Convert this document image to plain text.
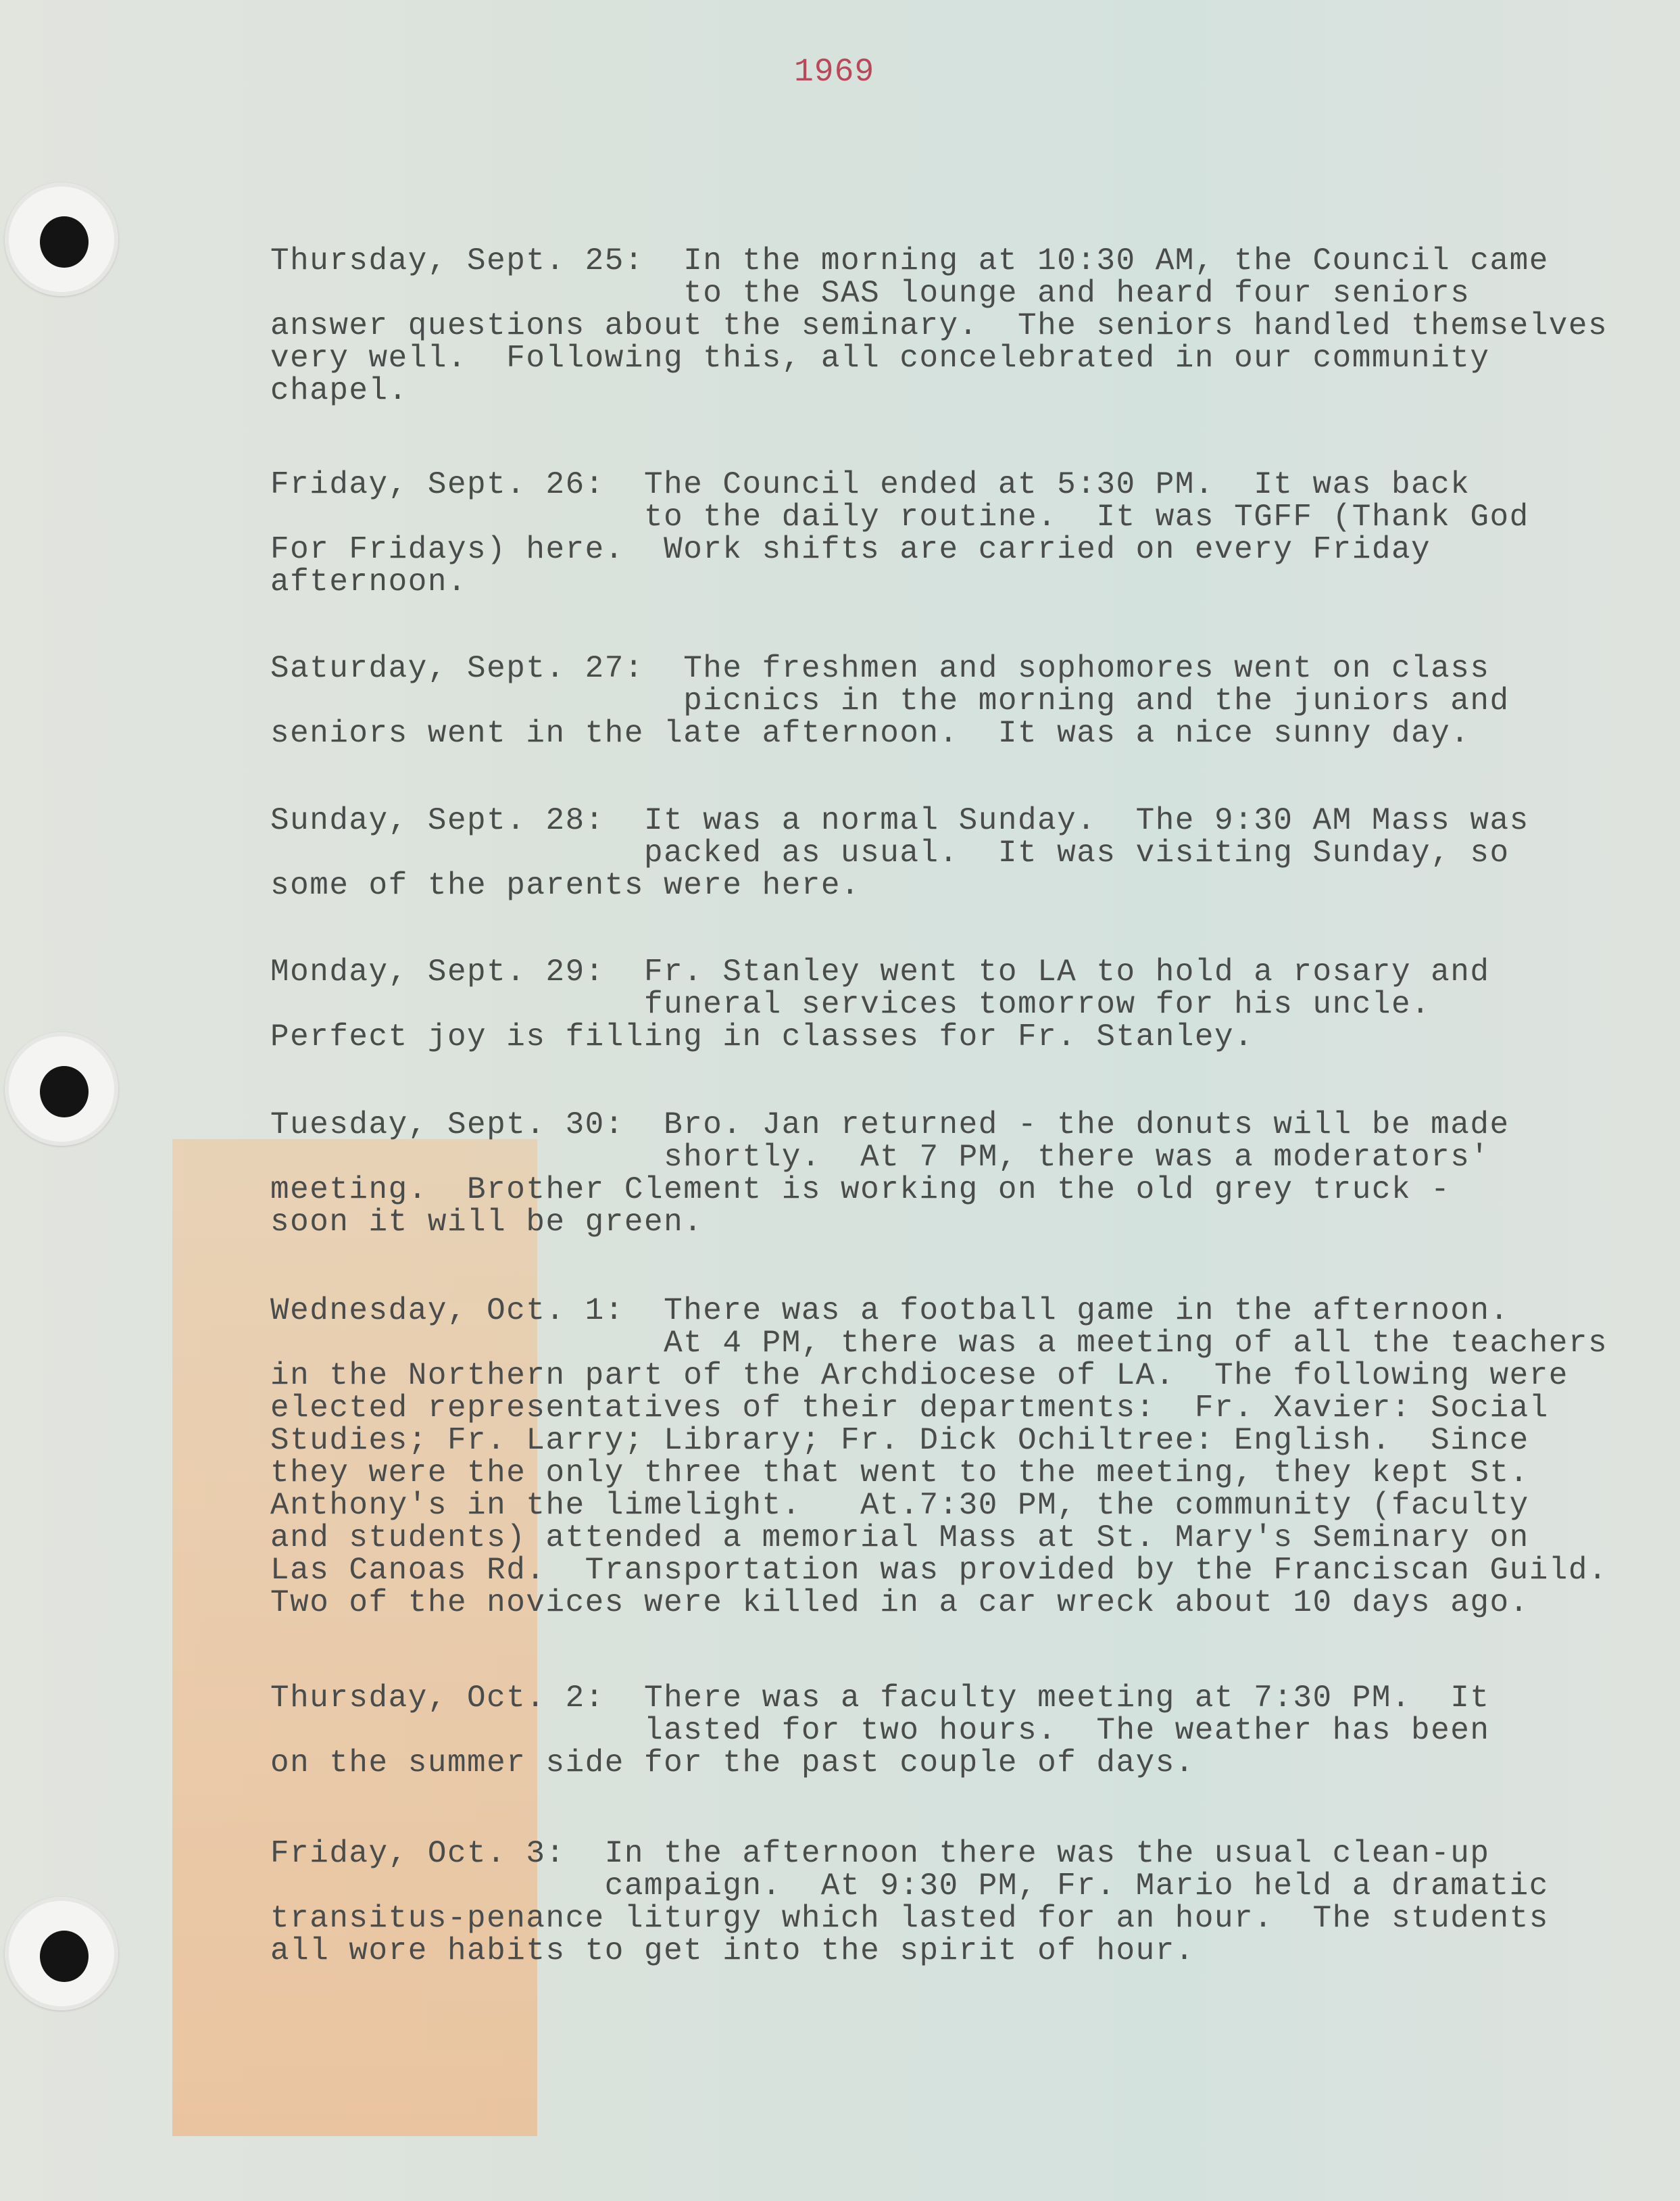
1969
Thursday, Sept. 25:  In the morning at 10:30 AM, the Council came
to the SAS lounge and heard four seniors
answer questions about the seminary.  The seniors handled themselves
very well.  Following this, all concelebrated in our community
chapel.
Friday, Sept. 26:  The Council ended at 5:30 PM.  It was back
to the daily routine.  It was TGFF (Thank God
For Fridays) here.  Work shifts are carried on every Friday
afternoon.
Saturday, Sept. 27:  The freshmen and sophomores went on class
picnics in the morning and the juniors and
seniors went in the late afternoon.  It was a nice sunny day.
Sunday, Sept. 28:  It was a normal Sunday.  The 9:30 AM Mass was
packed as usual.  It was visiting Sunday, so
some of the parents were here.
Monday, Sept. 29:  Fr. Stanley went to LA to hold a rosary and
funeral services tomorrow for his uncle.
Perfect joy is filling in classes for Fr. Stanley.
Tuesday, Sept. 30:  Bro. Jan returned - the donuts will be made
shortly.  At 7 PM, there was a moderators'
meeting.  Brother Clement is working on the old grey truck -
soon it will be green.
Wednesday, Oct. 1:  There was a football game in the afternoon.
At 4 PM, there was a meeting of all the teachers
in the Northern part of the Archdiocese of LA.  The following were
elected representatives of their departments:  Fr. Xavier: Social
Studies; Fr. Larry; Library; Fr. Dick Ochiltree: English.  Since
they were the only three that went to the meeting, they kept St.
Anthony's in the limelight.   At.7:30 PM, the community (faculty
and students) attended a memorial Mass at St. Mary's Seminary on
Las Canoas Rd.  Transportation was provided by the Franciscan Guild.
Two of the novices were killed in a car wreck about 10 days ago.
Thursday, Oct. 2:  There was a faculty meeting at 7:30 PM.  It
lasted for two hours.  The weather has been
on the summer side for the past couple of days.
Friday, Oct. 3:  In the afternoon there was the usual clean-up
campaign.  At 9:30 PM, Fr. Mario held a dramatic
transitus-penance liturgy which lasted for an hour.  The students
all wore habits to get into the spirit of hour.
